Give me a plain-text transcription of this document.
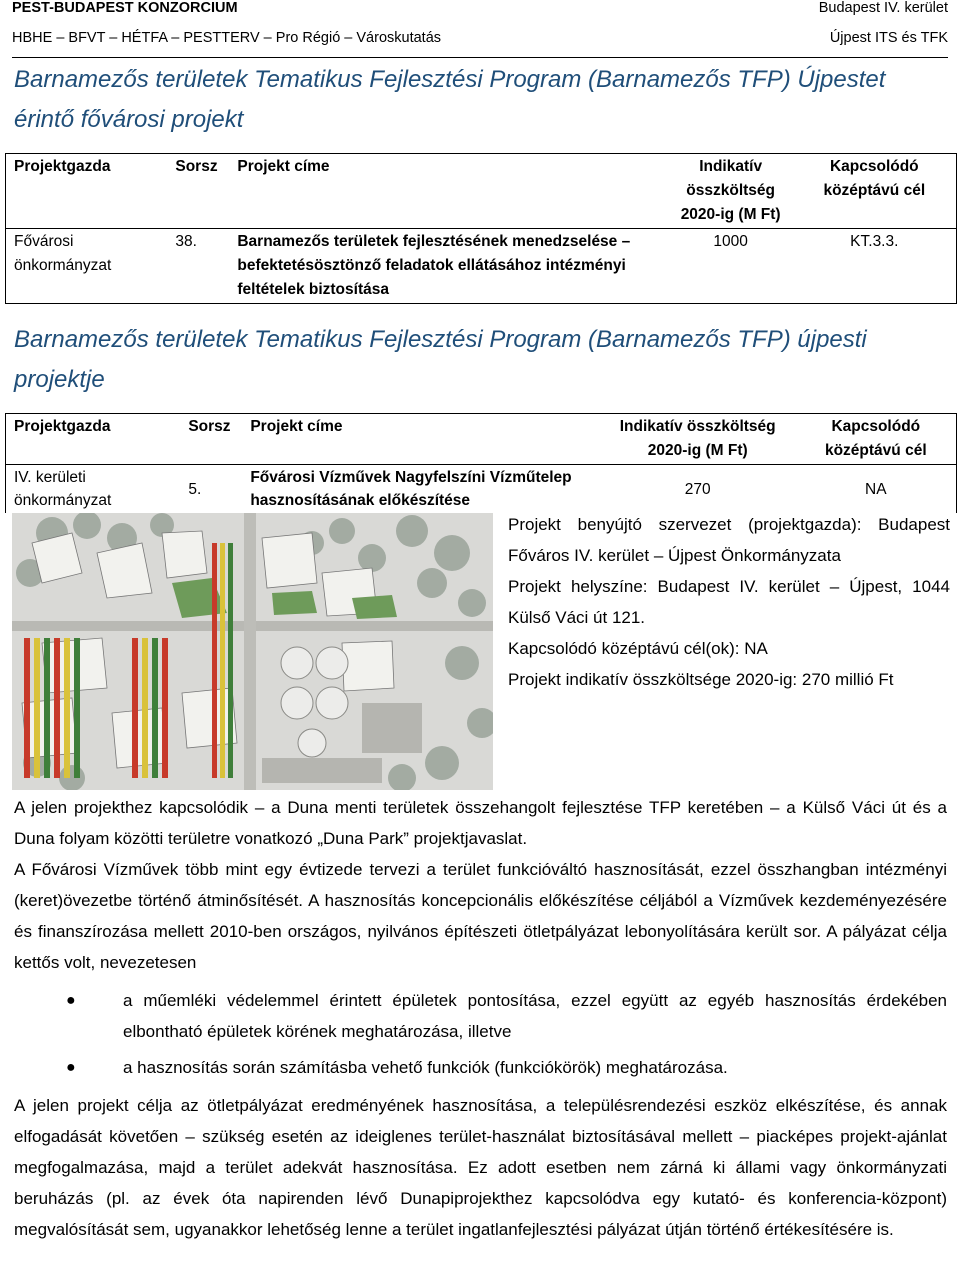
PEST-BUDAPEST KONZORCIUM	Budapest IV. kerület
HBHE – BFVT – HÉTFA – PESTTERV – Pro Régió – Városkutatás	Újpest ITS és TFK
Barnamezős területek Tematikus Fejlesztési Program (Barnamezős TFP) Újpestet érintő fővárosi projekt
Projektgazda	Sorsz	Projekt címe	Indikatív összköltség 2020-ig (M Ft)	Kapcsolódó középtávú cél
Fővárosi önkormányzat	38.	Barnamezős területek fejlesztésének menedzselése – befektetésösztönző feladatok ellátásához intézményi feltételek biztosítása	1000	KT.3.3.
Barnamezős területek Tematikus Fejlesztési Program (Barnamezős TFP) újpesti projektje
Projektgazda	Sorsz	Projekt címe	Indikatív összköltség 2020-ig (M Ft)	Kapcsolódó középtávú cél
IV. kerületi önkormányzat	5.	Fővárosi Vízművek Nagyfelszíni Vízműtelep hasznosításának előkészítése	270	NA
Projekt benyújtó szervezet (projektgazda): Budapest Főváros IV. kerület – Újpest Önkormányzata
Projekt helyszíne: Budapest IV. kerület – Újpest, 1044 Külső Váci út 121.
Kapcsolódó középtávú cél(ok): NA
Projekt indikatív összköltsége 2020-ig: 270 millió Ft

A jelen projekthez kapcsolódik – a Duna menti területek összehangolt fejlesztése TFP keretében – a Külső Váci út és a Duna folyam közötti területre vonatkozó „Duna Park” projektjavaslat.

A Fővárosi Vízművek több mint egy évtizede tervezi a terület funkcióváltó hasznosítását, ezzel összhangban intézményi (keret)övezetbe történő átminősítését. A hasznosítás koncepcionális előkészítése céljából a Vízművek kezdeményezésére és finanszírozása mellett 2010-ben országos, nyilvános építészeti ötletpályázat lebonyolítására került sor. A pályázat célja kettős volt, nevezetesen

●	a műemléki védelemmel érintett épületek pontosítása, ezzel együtt az egyéb hasznosítás érdekében elbontható épületek körének meghatározása, illetve
●	a hasznosítás során számításba vehető funkciók (funkciókörök) meghatározása.

A jelen projekt célja az ötletpályázat eredményének hasznosítása, a településrendezési eszköz elkészítése, és annak elfogadását követően – szükség esetén az ideiglenes terület-használat biztosításával mellett – piacképes projekt-ajánlat megfogalmazása, majd a terület adekvát hasznosítása. Ez adott esetben nem zárná ki állami vagy önkormányzati beruházás (pl. az évek óta napirenden lévő Dunapiprojekthez kapcsolódva egy kutató- és konferencia-központ) megvalósítását sem, ugyanakkor lehetőség lenne a terület ingatlanfejlesztési pályázat útján történő értékesítésére is.
